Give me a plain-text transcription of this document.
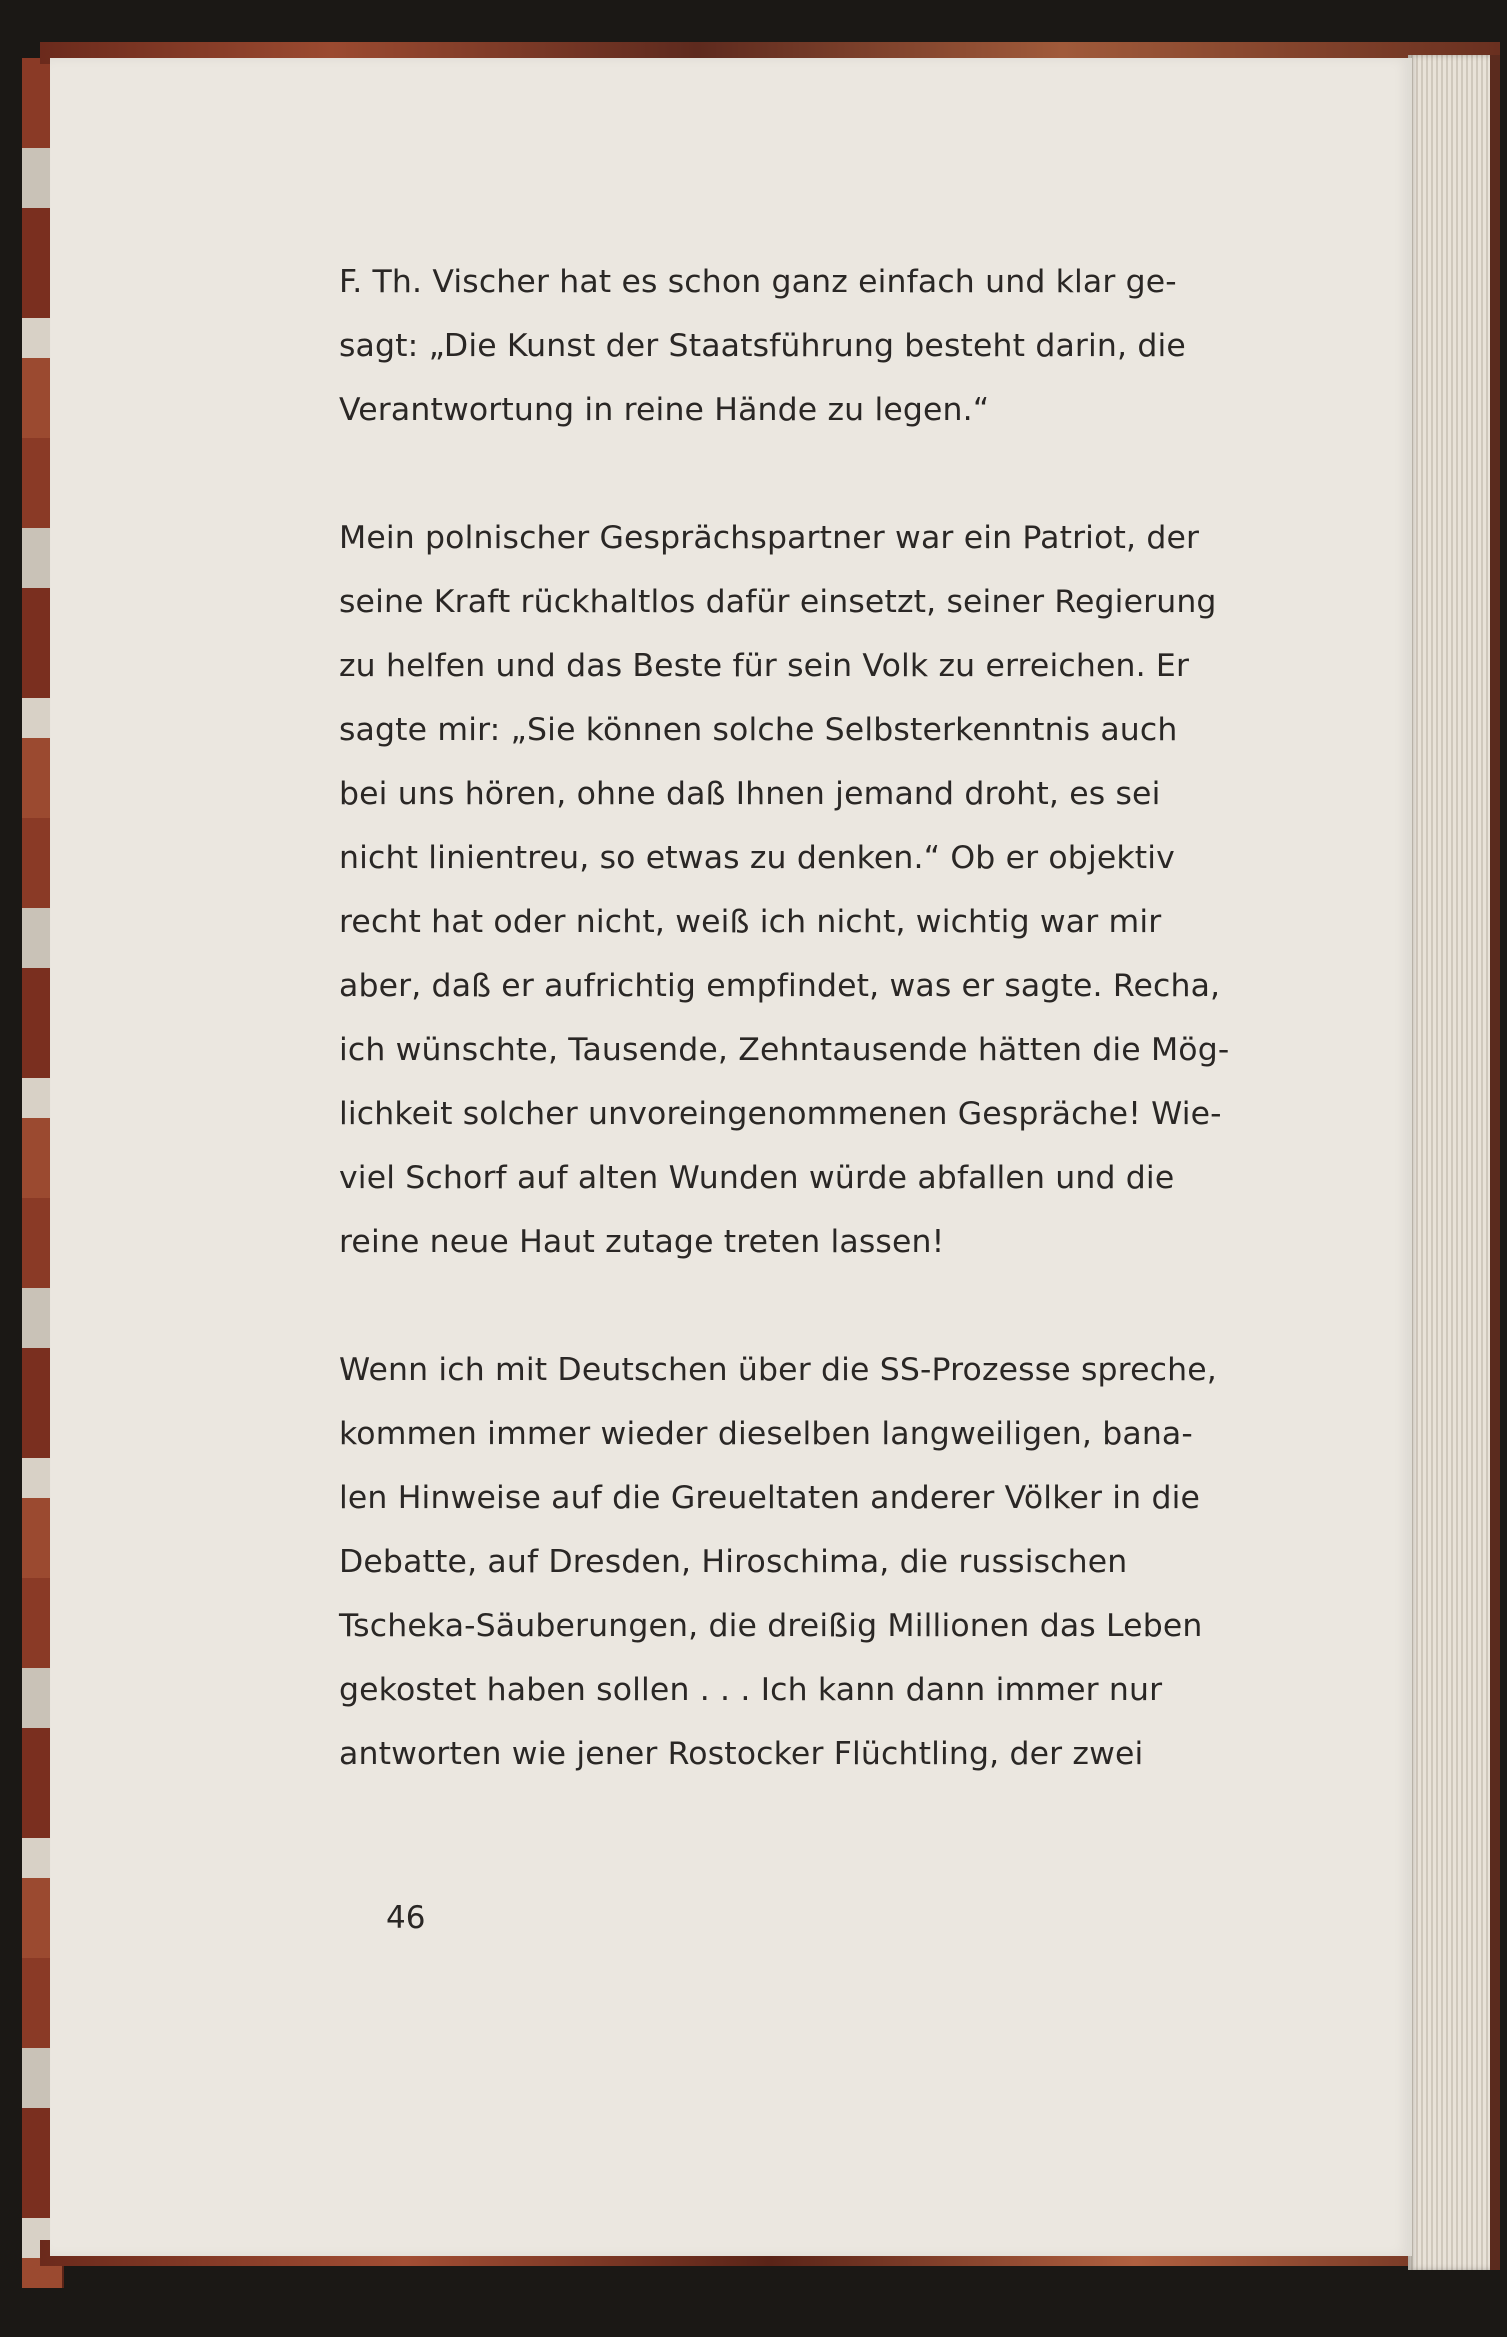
F. Th. Vischer hat es schon ganz einfach und klar ge-
sagt: „Die Kunst der Staatsführung besteht darin, die
Verantwortung in reine Hände zu legen.“

Mein polnischer Gesprächspartner war ein Patriot, der
seine Kraft rückhaltlos dafür einsetzt, seiner Regierung
zu helfen und das Beste für sein Volk zu erreichen. Er
sagte mir: „Sie können solche Selbsterkenntnis auch
bei uns hören, ohne daß Ihnen jemand droht, es sei
nicht linientreu, so etwas zu denken.“ Ob er objektiv
recht hat oder nicht, weiß ich nicht, wichtig war mir
aber, daß er aufrichtig empfindet, was er sagte. Recha,
ich wünschte, Tausende, Zehntausende hätten die Mög-
lichkeit solcher unvoreingenommenen Gespräche! Wie-
viel Schorf auf alten Wunden würde abfallen und die
reine neue Haut zutage treten lassen!

Wenn ich mit Deutschen über die SS-Prozesse spreche,
kommen immer wieder dieselben langweiligen, bana-
len Hinweise auf die Greueltaten anderer Völker in die
Debatte, auf Dresden, Hiroschima, die russischen
Tscheka-Säuberungen, die dreißig Millionen das Leben
gekostet haben sollen . . . Ich kann dann immer nur
antworten wie jener Rostocker Flüchtling, der zwei

46
